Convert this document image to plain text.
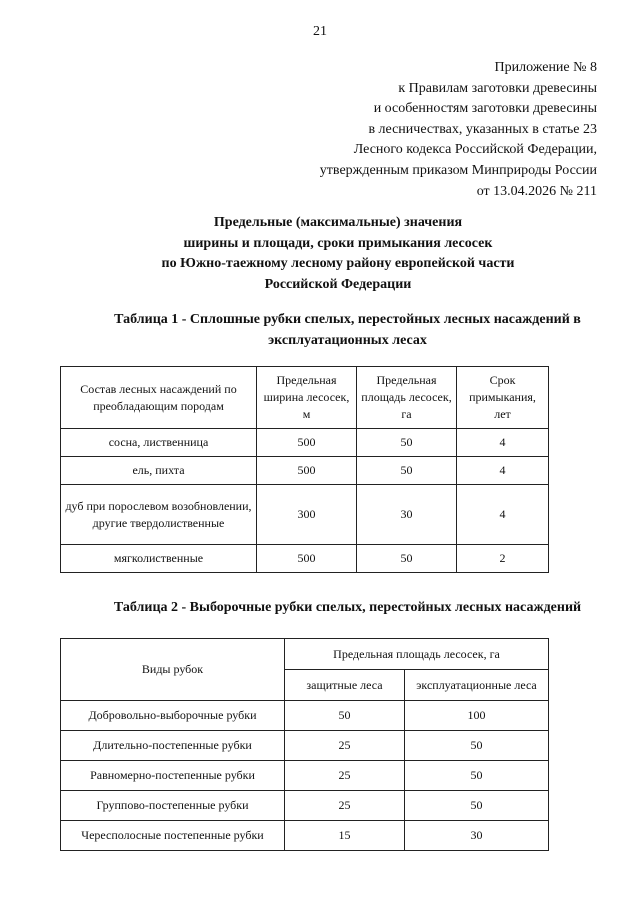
21
Приложение № 8
к Правилам заготовки древесины
и особенностям заготовки древесины
в лесничествах, указанных в статье 23
Лесного кодекса Российской Федерации,
утвержденным приказом Минприроды России
от 13.04.2026 № 211
Предельные (максимальные) значения
ширины и площади, сроки примыкания лесосек
по Южно-таежному лесному району европейской части
Российской Федерации
Таблица 1 - Сплошные рубки спелых, перестойных лесных насаждений в
эксплуатационных лесах
Состав лесных насаждений по преобладающим породам	Предельная ширина лесосек, м	Предельная площадь лесосек, га	Срок примыкания, лет
сосна, лиственница	500	50	4
ель, пихта	500	50	4
дуб при порослевом возобновлении, другие твердолиственные	300	30	4
мягколиственные	500	50	2
Таблица 2 - Выборочные рубки спелых, перестойных лесных насаждений
Виды рубок	Предельная площадь лесосек, га	
	защитные леса	эксплуатационные леса
Добровольно-выборочные рубки	50	100
Длительно-постепенные рубки	25	50
Равномерно-постепенные рубки	25	50
Группово-постепенные рубки	25	50
Чересполосные постепенные рубки	15	30
